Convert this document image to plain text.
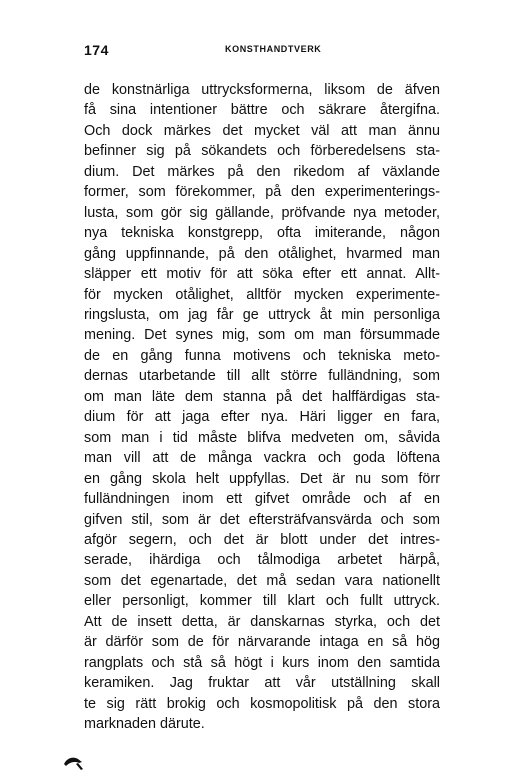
174	KONSTHANDTVERK
de konstnärliga uttrycksformerna, liksom de äfven
få sina intentioner bättre och säkrare återgifna.
Och dock märkes det mycket väl att man ännu
befinner sig på sökandets och förberedelsens sta-
dium. Det märkes på den rikedom af växlande
former, som förekommer, på den experimenterings-
lusta, som gör sig gällande, pröfvande nya metoder,
nya tekniska konstgrepp, ofta imiterande, någon
gång uppfinnande, på den otålighet, hvarmed man
släpper ett motiv för att söka efter ett annat. Allt-
för mycken otålighet, alltför mycken experimente-
ringslusta, om jag får ge uttryck åt min personliga
mening. Det synes mig, som om man försummade
de en gång funna motivens och tekniska meto-
dernas utarbetande till allt större fulländning, som
om man läte dem stanna på det halffärdigas sta-
dium för att jaga efter nya. Häri ligger en fara,
som man i tid måste blifva medveten om, såvida
man vill att de många vackra och goda löftena
en gång skola helt uppfyllas. Det är nu som förr
fulländningen inom ett gifvet område och af en
gifven stil, som är det eftersträfvansvärda och som
afgör segern, och det är blott under det intres-
serade, ihärdiga och tålmodiga arbetet härpå,
som det egenartade, det må sedan vara nationellt
eller personligt, kommer till klart och fullt uttryck.
Att de insett detta, är danskarnas styrka, och det
är därför som de för närvarande intaga en så hög
rangplats och stå så högt i kurs inom den samtida
keramiken. Jag fruktar att vår utställning skall
te sig rätt brokig och kosmopolitisk på den stora
marknaden därute.
